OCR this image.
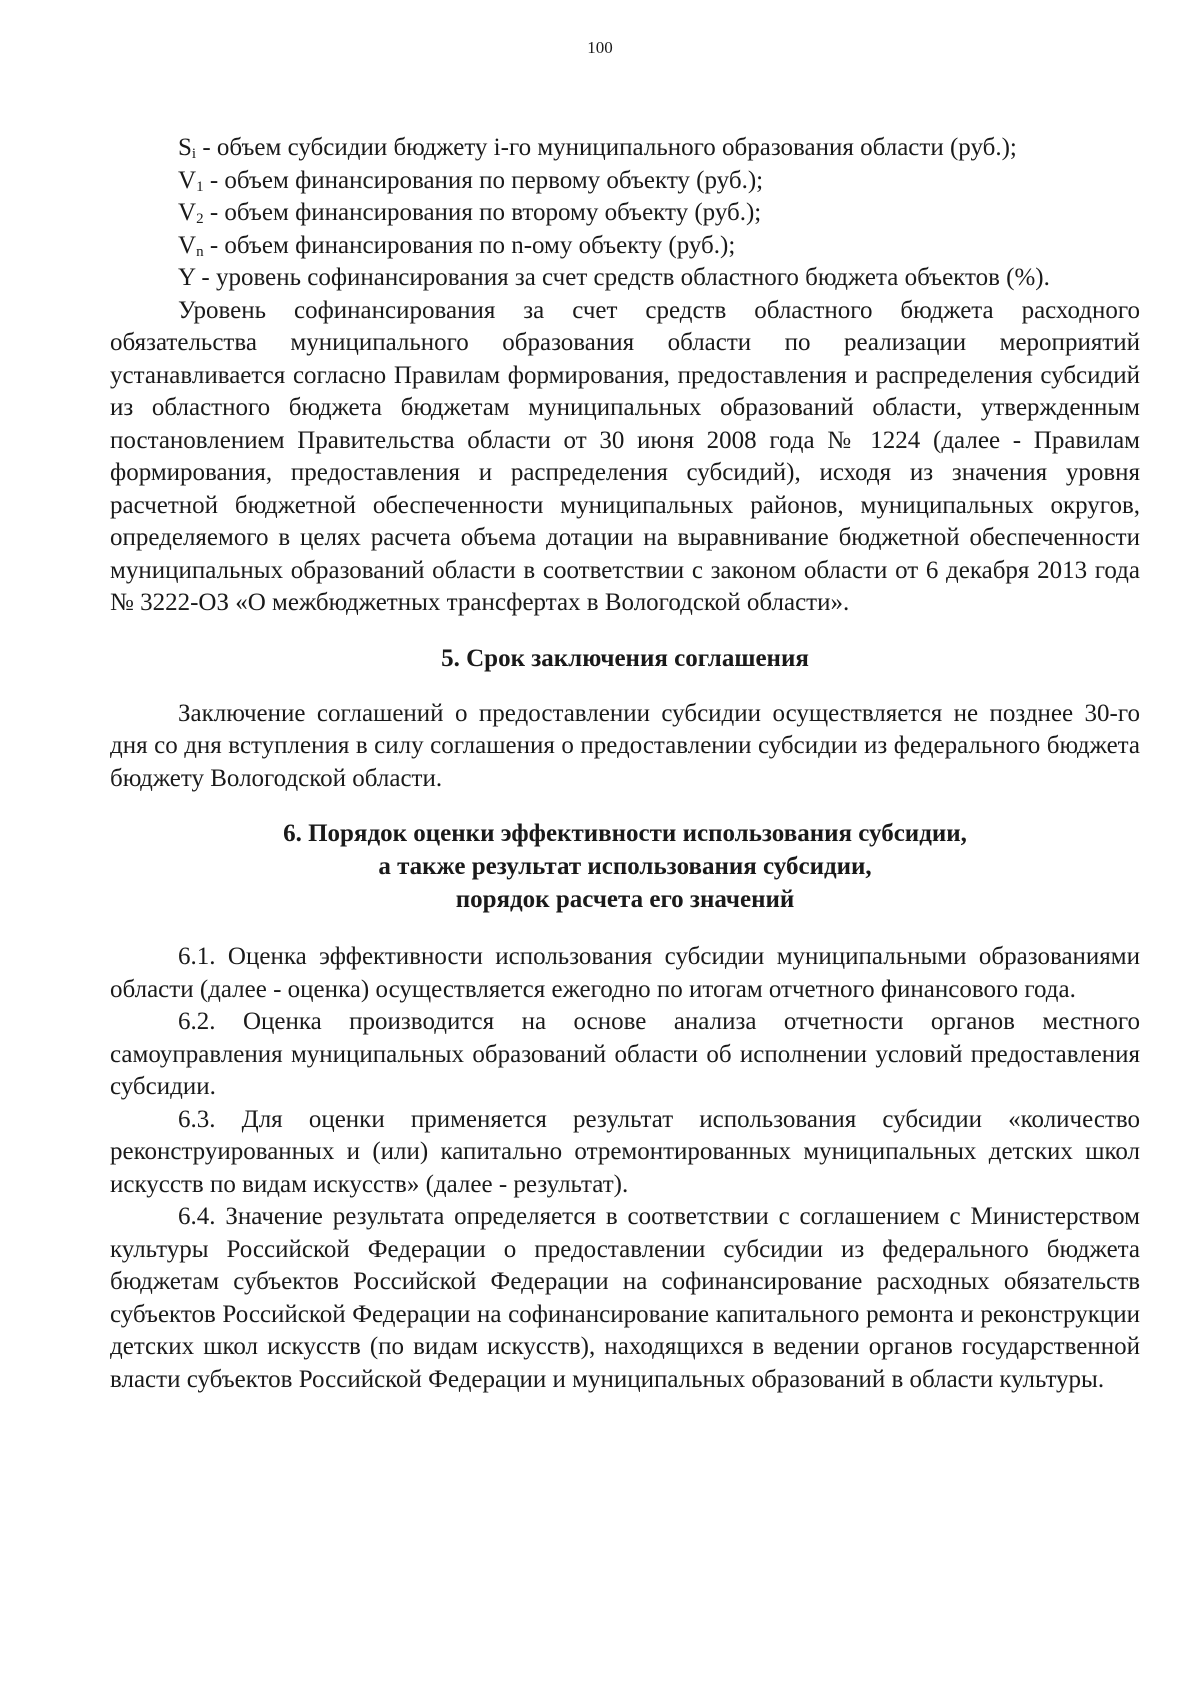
100

$S_i$ - объем субсидии бюджету i-го муниципального образования области (руб.);

$V_1$ - объем финансирования по первому объекту (руб.);

$V_2$ - объем финансирования по второму объекту (руб.);

$V_n$ - объем финансирования по n-ому объекту (руб.);

Y - уровень софинансирования за счет средств областного бюджета объектов (%).

Уровень софинансирования за счет средств областного бюджета расходного обязательства муниципального образования области по реализации мероприятий устанавливается согласно Правилам формирования, предоставления и распределения субсидий из областного бюджета бюджетам муниципальных образований области, утвержденным постановлением Правительства области от 30 июня 2008 года № 1224 (далее - Правилам формирования, предоставления и распределения субсидий), исходя из значения уровня расчетной бюджетной обеспеченности муниципальных районов, муниципальных округов, определяемого в целях расчета объема дотации на выравнивание бюджетной обеспеченности муниципальных образований области в соответствии с законом области от 6 декабря 2013 года № 3222-ОЗ «О межбюджетных трансфертах в Вологодской области».

5. Срок заключения соглашения

Заключение соглашений о предоставлении субсидии осуществляется не позднее 30-го дня со дня вступления в силу соглашения о предоставлении субсидии из федерального бюджета бюджету Вологодской области.

6. Порядок оценки эффективности использования субсидии,
а также результат использования субсидии,
порядок расчета его значений

6.1. Оценка эффективности использования субсидии муниципальными образованиями области (далее - оценка) осуществляется ежегодно по итогам отчетного финансового года.

6.2. Оценка производится на основе анализа отчетности органов местного самоуправления муниципальных образований области об исполнении условий предоставления субсидии.

6.3. Для оценки применяется результат использования субсидии «количество реконструированных и (или) капитально отремонтированных муниципальных детских школ искусств по видам искусств» (далее - результат).

6.4. Значение результата определяется в соответствии с соглашением с Министерством культуры Российской Федерации о предоставлении субсидии из федерального бюджета бюджетам субъектов Российской Федерации на софинансирование расходных обязательств субъектов Российской Федерации на софинансирование капитального ремонта и реконструкции детских школ искусств (по видам искусств), находящихся в ведении органов государственной власти субъектов Российской Федерации и муниципальных образований в области культуры.
